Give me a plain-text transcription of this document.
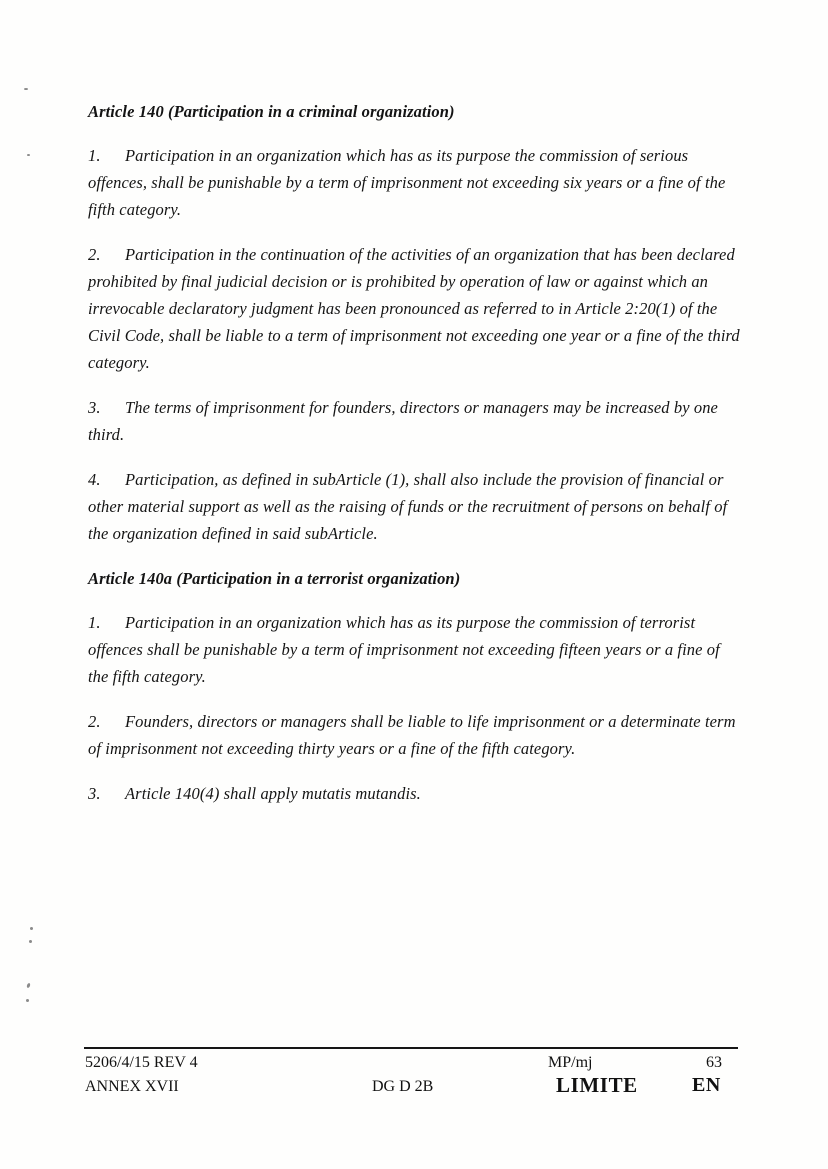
Article 140 (Participation in a criminal organization)

1. Participation in an organization which has as its purpose the commission of serious offences, shall be punishable by a term of imprisonment not exceeding six years or a fine of the fifth category.

2. Participation in the continuation of the activities of an organization that has been declared prohibited by final judicial decision or is prohibited by operation of law or against which an irrevocable declaratory judgment has been pronounced as referred to in Article 2:20(1) of the Civil Code, shall be liable to a term of imprisonment not exceeding one year or a fine of the third category.

3. The terms of imprisonment for founders, directors or managers may be increased by one third.

4. Participation, as defined in subArticle (1), shall also include the provision of financial or other material support as well as the raising of funds or the recruitment of persons on behalf of the organization defined in said subArticle.

Article 140a (Participation in a terrorist organization)

1. Participation in an organization which has as its purpose the commission of terrorist offences shall be punishable by a term of imprisonment not exceeding fifteen years or a fine of the fifth category.

2. Founders, directors or managers shall be liable to life imprisonment or a determinate term of imprisonment not exceeding thirty years or a fine of the fifth category.

3. Article 140(4) shall apply mutatis mutandis.

5206/4/15 REV 4	MP/mj	63
ANNEX XVII	DG D 2B	LIMITE	EN
